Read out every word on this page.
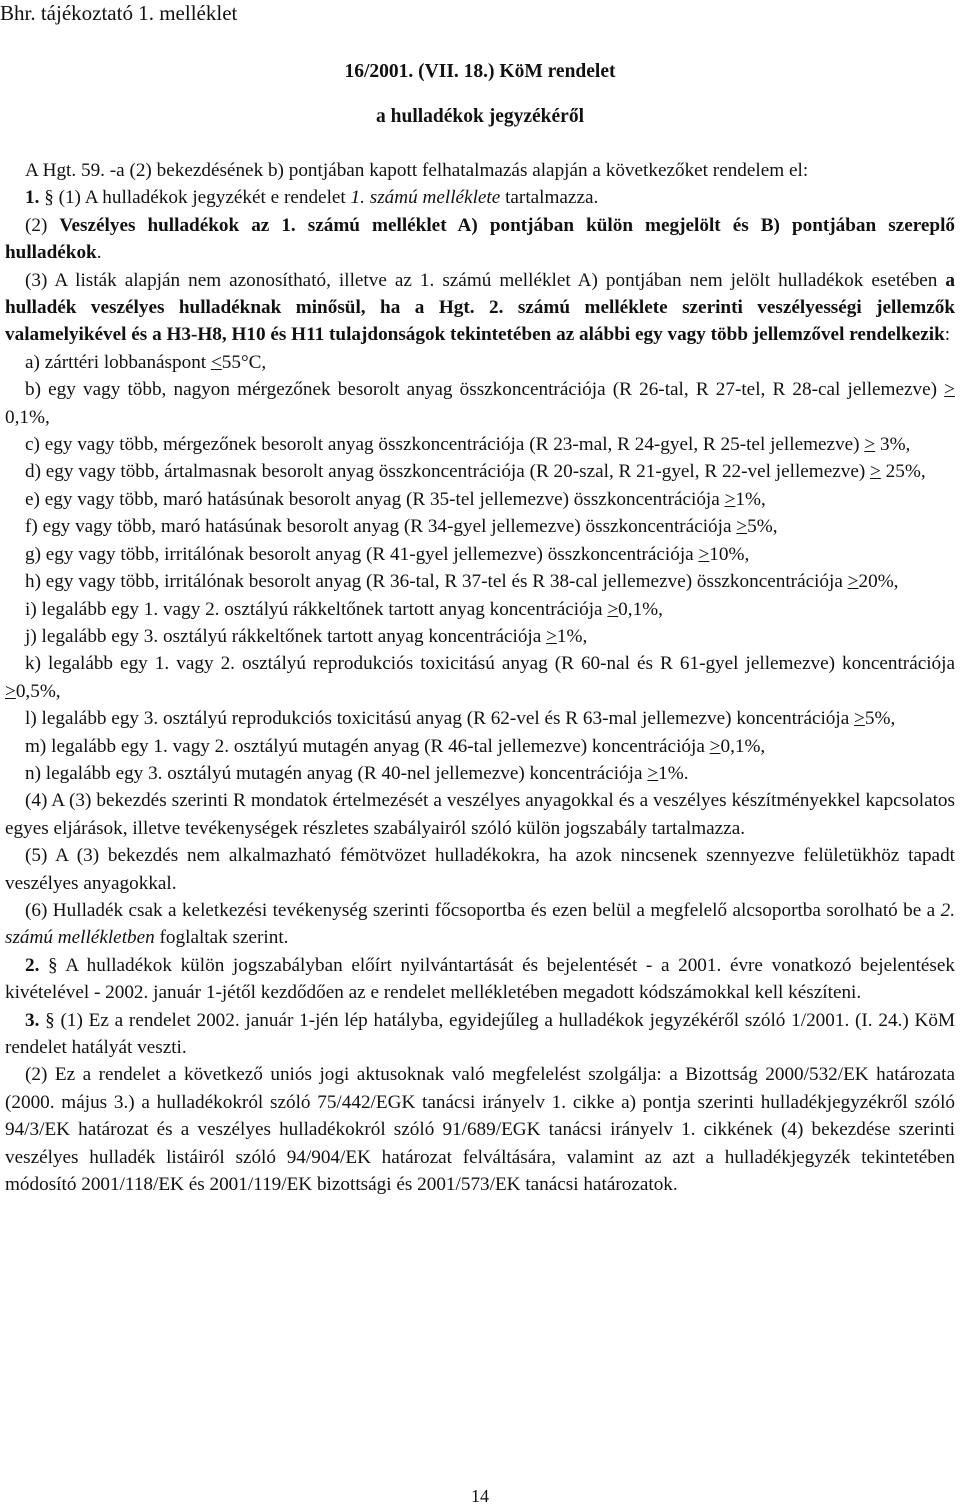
Bhr. tájékoztató 1. melléklet
16/2001. (VII. 18.) KöM rendelet
a hulladékok jegyzékéről

A Hgt. 59. -a (2) bekezdésének b) pontjában kapott felhatalmazás alapján a következőket rendelem el:

1. § (1) A hulladékok jegyzékét e rendelet 1. számú melléklete tartalmazza.

(2) Veszélyes hulladékok az 1. számú melléklet A) pontjában külön megjelölt és B) pontjában szereplő hulladékok.

(3) A listák alapján nem azonosítható, illetve az 1. számú melléklet A) pontjában nem jelölt hulladékok esetében a hulladék veszélyes hulladéknak minősül, ha a Hgt. 2. számú melléklete szerinti veszélyességi jellemzők valamelyikével és a H3-H8, H10 és H11 tulajdonságok tekintetében az alábbi egy vagy több jellemzővel rendelkezik:

a) zárttéri lobbanáspont <55°C,

b) egy vagy több, nagyon mérgezőnek besorolt anyag összkoncentrációja (R 26-tal, R 27-tel, R 28-cal jellemezve) > 0,1%,

c) egy vagy több, mérgezőnek besorolt anyag összkoncentrációja (R 23-mal, R 24-gyel, R 25-tel jellemezve) > 3%,

d) egy vagy több, ártalmasnak besorolt anyag összkoncentrációja (R 20-szal, R 21-gyel, R 22-vel jellemezve) > 25%,

e) egy vagy több, maró hatásúnak besorolt anyag (R 35-tel jellemezve) összkoncentrációja >1%,

f) egy vagy több, maró hatásúnak besorolt anyag (R 34-gyel jellemezve) összkoncentrációja >5%,

g) egy vagy több, irritálónak besorolt anyag (R 41-gyel jellemezve) összkoncentrációja >10%,

h) egy vagy több, irritálónak besorolt anyag (R 36-tal, R 37-tel és R 38-cal jellemezve) összkoncentrációja >20%,

i) legalább egy 1. vagy 2. osztályú rákkeltőnek tartott anyag koncentrációja >0,1%,

j) legalább egy 3. osztályú rákkeltőnek tartott anyag koncentrációja >1%,

k) legalább egy 1. vagy 2. osztályú reprodukciós toxicitású anyag (R 60-nal és R 61-gyel jellemezve) koncentrációja >0,5%,

l) legalább egy 3. osztályú reprodukciós toxicitású anyag (R 62-vel és R 63-mal jellemezve) koncentrációja >5%,

m) legalább egy 1. vagy 2. osztályú mutagén anyag (R 46-tal jellemezve) koncentrációja >0,1%,

n) legalább egy 3. osztályú mutagén anyag (R 40-nel jellemezve) koncentrációja >1%.

(4) A (3) bekezdés szerinti R mondatok értelmezését a veszélyes anyagokkal és a veszélyes készítményekkel kapcsolatos egyes eljárások, illetve tevékenységek részletes szabályairól szóló külön jogszabály tartalmazza.

(5) A (3) bekezdés nem alkalmazható fémötvözet hulladékokra, ha azok nincsenek szennyezve felületükhöz tapadt veszélyes anyagokkal.

(6) Hulladék csak a keletkezési tevékenység szerinti főcsoportba és ezen belül a megfelelő alcsoportba sorolható be a 2. számú mellékletben foglaltak szerint.

2. § A hulladékok külön jogszabályban előírt nyilvántartását és bejelentését - a 2001. évre vonatkozó bejelentések kivételével - 2002. január 1-jétől kezdődően az e rendelet mellékletében megadott kódszámokkal kell készíteni.

3. § (1) Ez a rendelet 2002. január 1-jén lép hatályba, egyidejűleg a hulladékok jegyzékéről szóló 1/2001. (I. 24.) KöM rendelet hatályát veszti.

(2) Ez a rendelet a következő uniós jogi aktusoknak való megfelelést szolgálja: a Bizottság 2000/532/EK határozata (2000. május 3.) a hulladékokról szóló 75/442/EGK tanácsi irányelv 1. cikke a) pontja szerinti hulladékjegyzékről szóló 94/3/EK határozat és a veszélyes hulladékokról szóló 91/689/EGK tanácsi irányelv 1. cikkének (4) bekezdése szerinti veszélyes hulladék listáiról szóló 94/904/EK határozat felváltására, valamint az azt a hulladékjegyzék tekintetében módosító 2001/118/EK és 2001/119/EK bizottsági és 2001/573/EK tanácsi határozatok.

14
